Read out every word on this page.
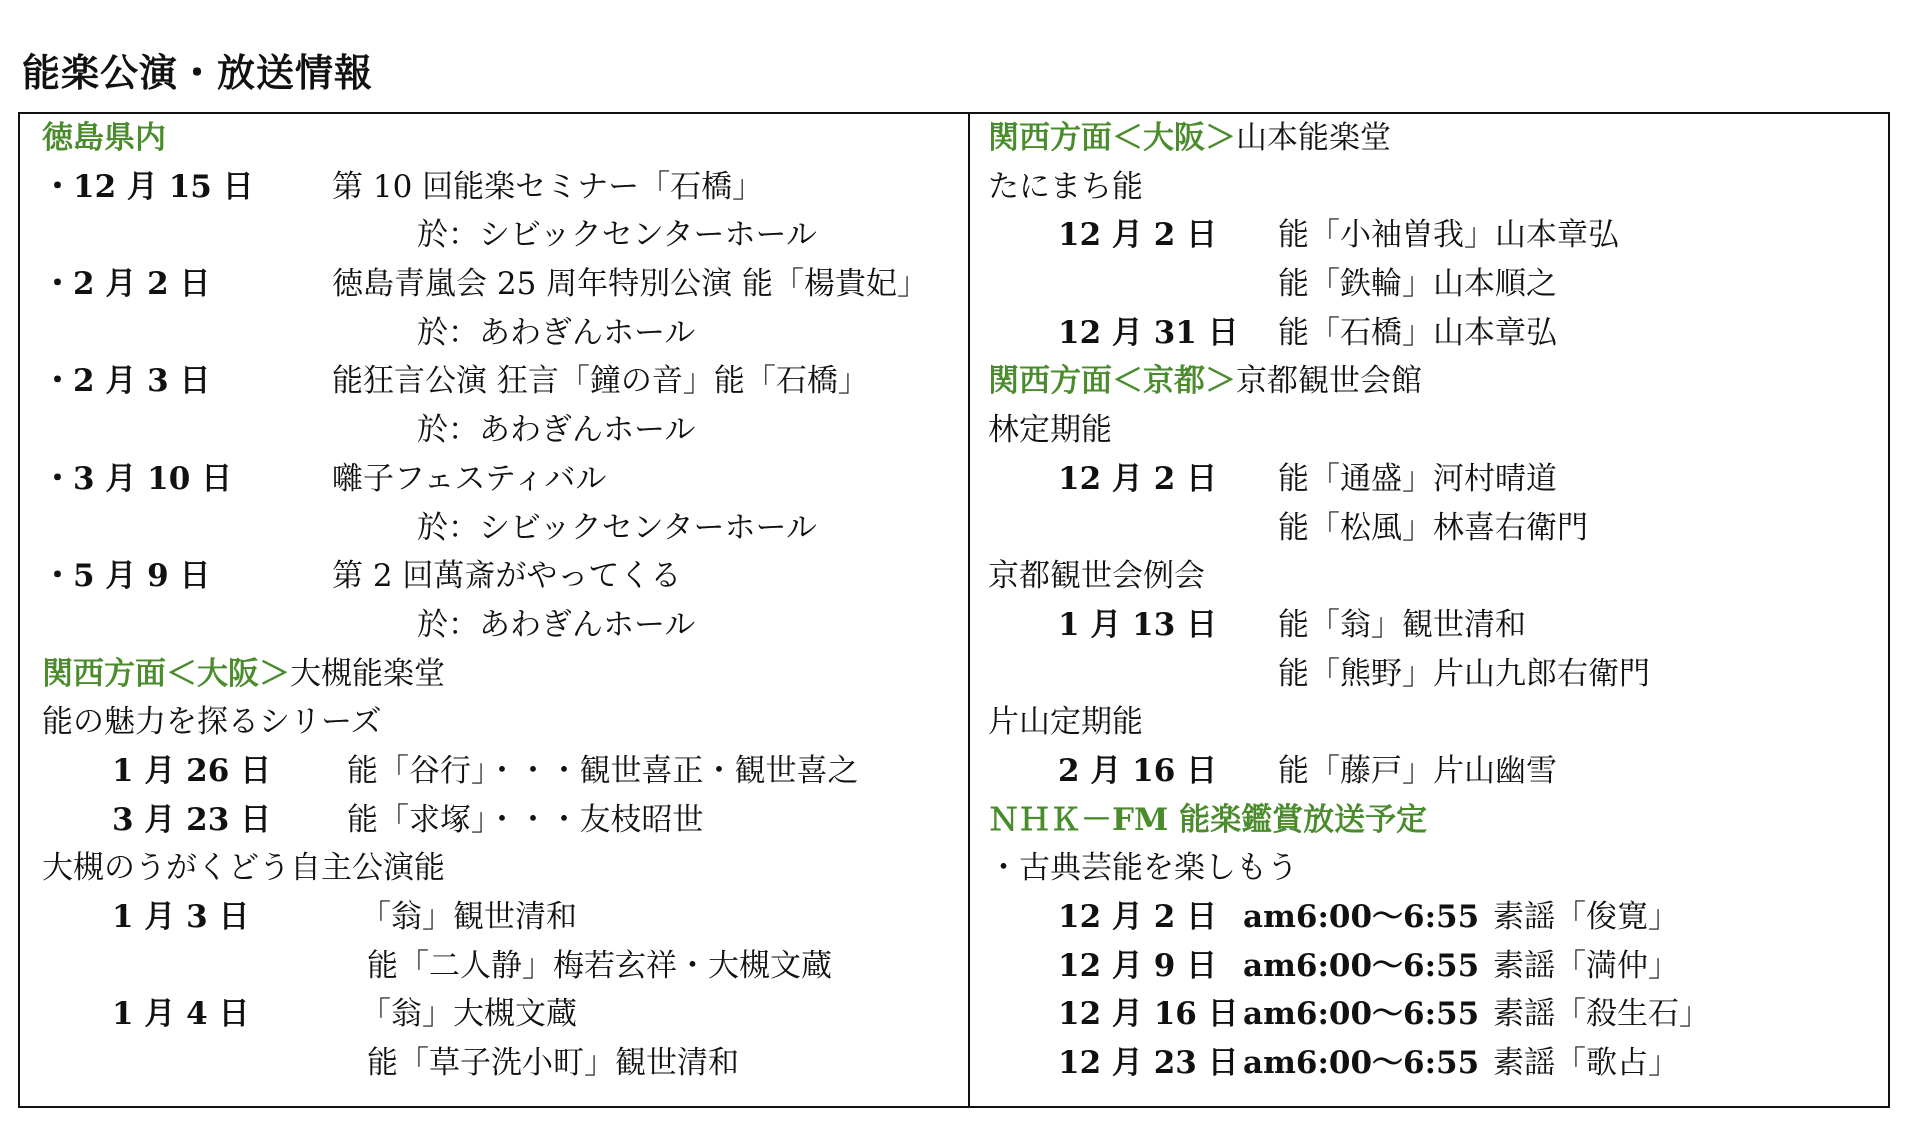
能楽公演・放送情報
徳島県内
・12 月 15 日	第 10 回能楽セミナー「石橋」
於：シビックセンターホール
・2 月 2 日	徳島青嵐会 25 周年特別公演 能「楊貴妃」
於：あわぎんホール
・2 月 3 日	能狂言公演 狂言「鐘の音」能「石橋」
於：あわぎんホール
・3 月 10 日	囃子フェスティバル
於：シビックセンターホール
・5 月 9 日	第 2 回萬斎がやってくる
於：あわぎんホール
関西方面＜大阪＞大槻能楽堂
能の魅力を探るシリーズ
1 月 26 日 能「谷行」・・・観世喜正・観世喜之
3 月 23 日 能「求塚」・・・友枝昭世
大槻のうがくどう自主公演能
1 月 3 日	「翁」観世清和
能「二人静」梅若玄祥・大槻文蔵
1 月 4 日	「翁」大槻文蔵
能「草子洗小町」観世清和
関西方面＜大阪＞山本能楽堂
たにまち能
12 月 2 日 能「小袖曽我」山本章弘
能「鉄輪」山本順之
12 月 31 日 能「石橋」山本章弘
関西方面＜京都＞京都観世会館
林定期能
12 月 2 日 能「通盛」河村晴道
能「松風」林喜右衛門
京都観世会例会
1 月 13 日 能「翁」観世清和
能「熊野」片山九郎右衛門
片山定期能
2 月 16 日 能「藤戸」片山幽雪
ＮＨＫ－FM 能楽鑑賞放送予定
・古典芸能を楽しもう
12 月 2 日 am6:00～6:55 素謡「俊寛」
12 月 9 日 am6:00～6:55 素謡「満仲」
12 月 16 日 am6:00～6:55 素謡「殺生石」
12 月 23 日 am6:00～6:55 素謡「歌占」
